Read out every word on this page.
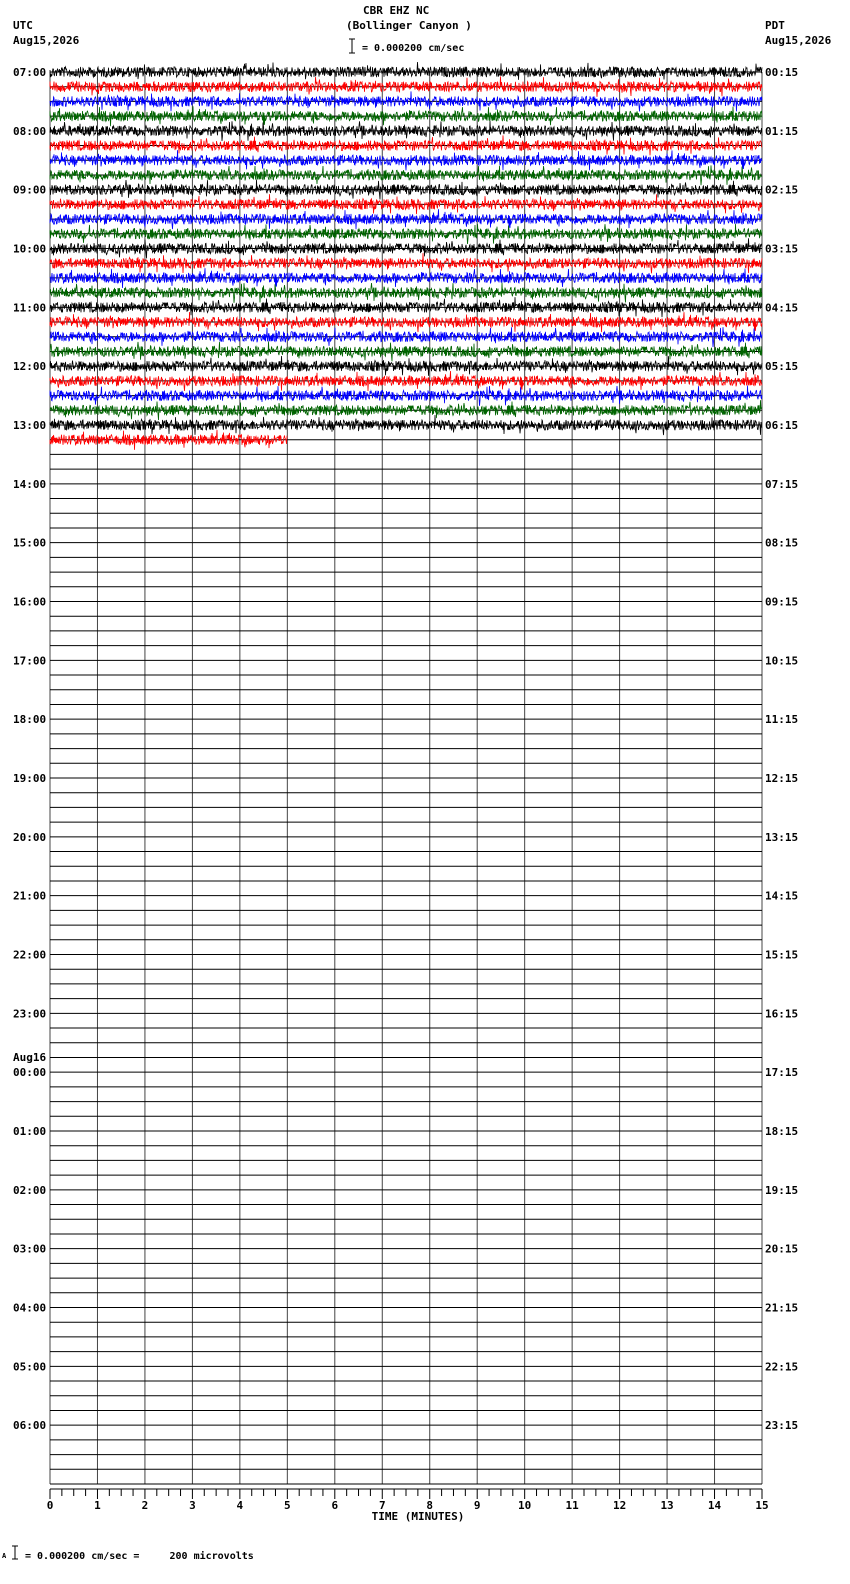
CBR EHZ NC
(Bollinger Canyon )
= 0.000200 cm/sec
UTC
Aug15,2026
PDT
Aug15,2026
0	1	2	3	4	5	6	7	8	9	10	11	12	13	14	15
07:00
08:00
09:00
10:00
11:00
12:00
13:00
14:00
15:00
16:00
17:00
18:00
19:00
20:00
21:00
22:00
23:00
00:00
Aug16
01:00
02:00
03:00
04:00
05:00
06:00
00:15
01:15
02:15
03:15
04:15
05:15
06:15
07:15
08:15
09:15
10:15
11:15
12:15
13:15
14:15
15:15
16:15
17:15
18:15
19:15
20:15
21:15
22:15
23:15
TIME (MINUTES)
A = 0.000200 cm/sec =     200 microvolts
